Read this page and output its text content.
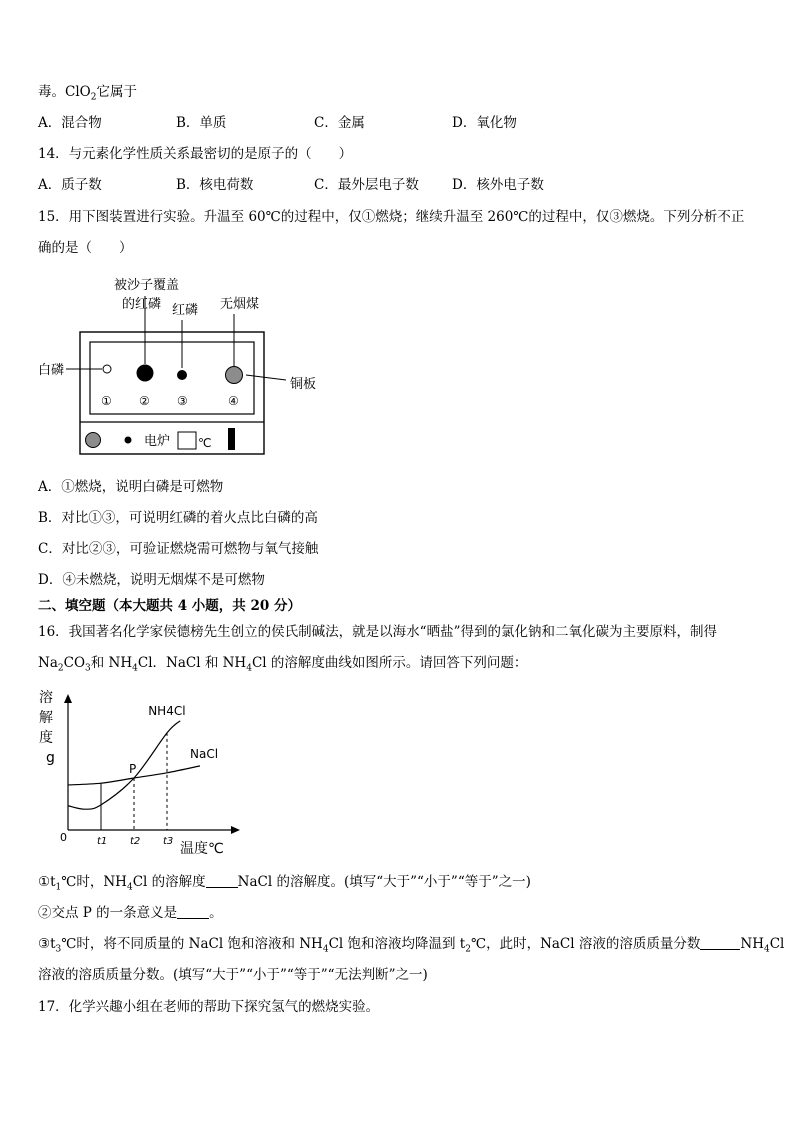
毒。ClO$_2$它属于
A．混合物	B．单质	C．金属	D．氧化物
14．与元素化学性质关系最密切的是原子的（　　）
A．质子数	B．核电荷数	C．最外层电子数 D．核外电子数
15．用下图装置进行实验。升温至 60℃的过程中，仅①燃烧；继续升温至 260℃的过程中，仅③燃烧。下列分析不正
确的是（　　）
被沙子覆盖
的红磷 红磷 无烟煤
白磷
铜板
① ② ③	④
电炉 ℃
A．①燃烧，说明白磷是可燃物
B．对比①③，可说明红磷的着火点比白磷的高
C．对比②③，可验证燃烧需可燃物与氧气接触
D．④未燃烧，说明无烟煤不是可燃物
二、填空题（本大题共 4 小题，共 20 分）
16．我国著名化学家侯德榜先生创立的侯氏制碱法，就是以海水“晒盐”得到的氯化钠和二氧化碳为主要原料，制得
$Na_2CO_3$和 $NH_4Cl$．NaCl 和 $NH_4Cl$ 的溶解度曲线如图所示。请回答下列问题：
溶
解
度
g
0
温度℃
NH4Cl
NaCl
t1 t2 t3
P
$①t_1℃$时，$NH_4Cl$ 的溶解度 NaCl 的溶解度。(填写“大于”“小于”“等于”之一)
②交点 P 的一条意义是 。
$③t_3℃$时，将不同质量的 NaCl 饱和溶液和 $NH_4Cl$ 饱和溶液均降温到 $t_2℃$，此时，NaCl 溶液的溶质质量分数	$NH_4Cl$
溶液的溶质质量分数。(填写“大于”“小于”“等于”“无法判断”之一)
17．化学兴趣小组在老师的帮助下探究氢气的燃烧实验。
